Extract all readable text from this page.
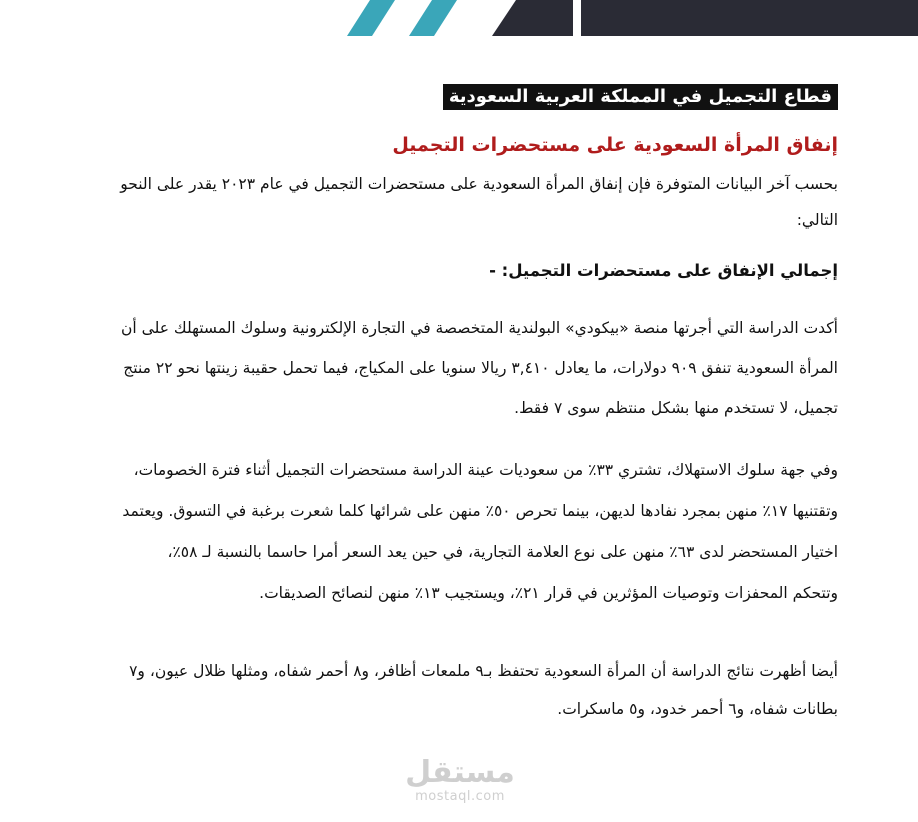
قطاع التجميل في المملكة العربية السعودية
إنفاق المرأة السعودية على مستحضرات التجميل

بحسب آخر البيانات المتوفرة فإن إنفاق المرأة السعودية على مستحضرات التجميل في عام ٢٠٢٣ يقدر على النحو التالي:

إجمالي الإنفاق على مستحضرات التجميل: -

أكدت الدراسة التي أجرتها منصة «بيكودي» البولندية المتخصصة في التجارة الإلكترونية وسلوك المستهلك على أن المرأة السعودية تنفق ٩٠٩ دولارات، ما يعادل ٣,٤١٠ ريالا سنويا على المكياج، فيما تحمل حقيبة زينتها نحو ٢٢ منتج تجميل، لا تستخدم منها بشكل منتظم سوى ٧ فقط.

وفي جهة سلوك الاستهلاك، تشتري ٣٣٪ من سعوديات عينة الدراسة مستحضرات التجميل أثناء فترة الخصومات، وتقتنيها ١٧٪ منهن بمجرد نفادها لديهن، بينما تحرص ٥٠٪ منهن على شرائها كلما شعرت برغبة في التسوق. ويعتمد اختيار المستحضر لدى ٦٣٪ منهن على نوع العلامة التجارية، في حين يعد السعر أمرا حاسما بالنسبة لـ ٥٨٪، وتتحكم المحفزات وتوصيات المؤثرين في قرار ٢١٪، ويستجيب ١٣٪ منهن لنصائح الصديقات.

أيضا أظهرت نتائج الدراسة أن المرأة السعودية تحتفظ بـ٩ ملمعات أظافر، و٨ أحمر شفاه، ومثلها ظلال عيون، و٧ بطانات شفاه، و٦ أحمر خدود، و٥ ماسكرات.

مستقل
mostaql.com
